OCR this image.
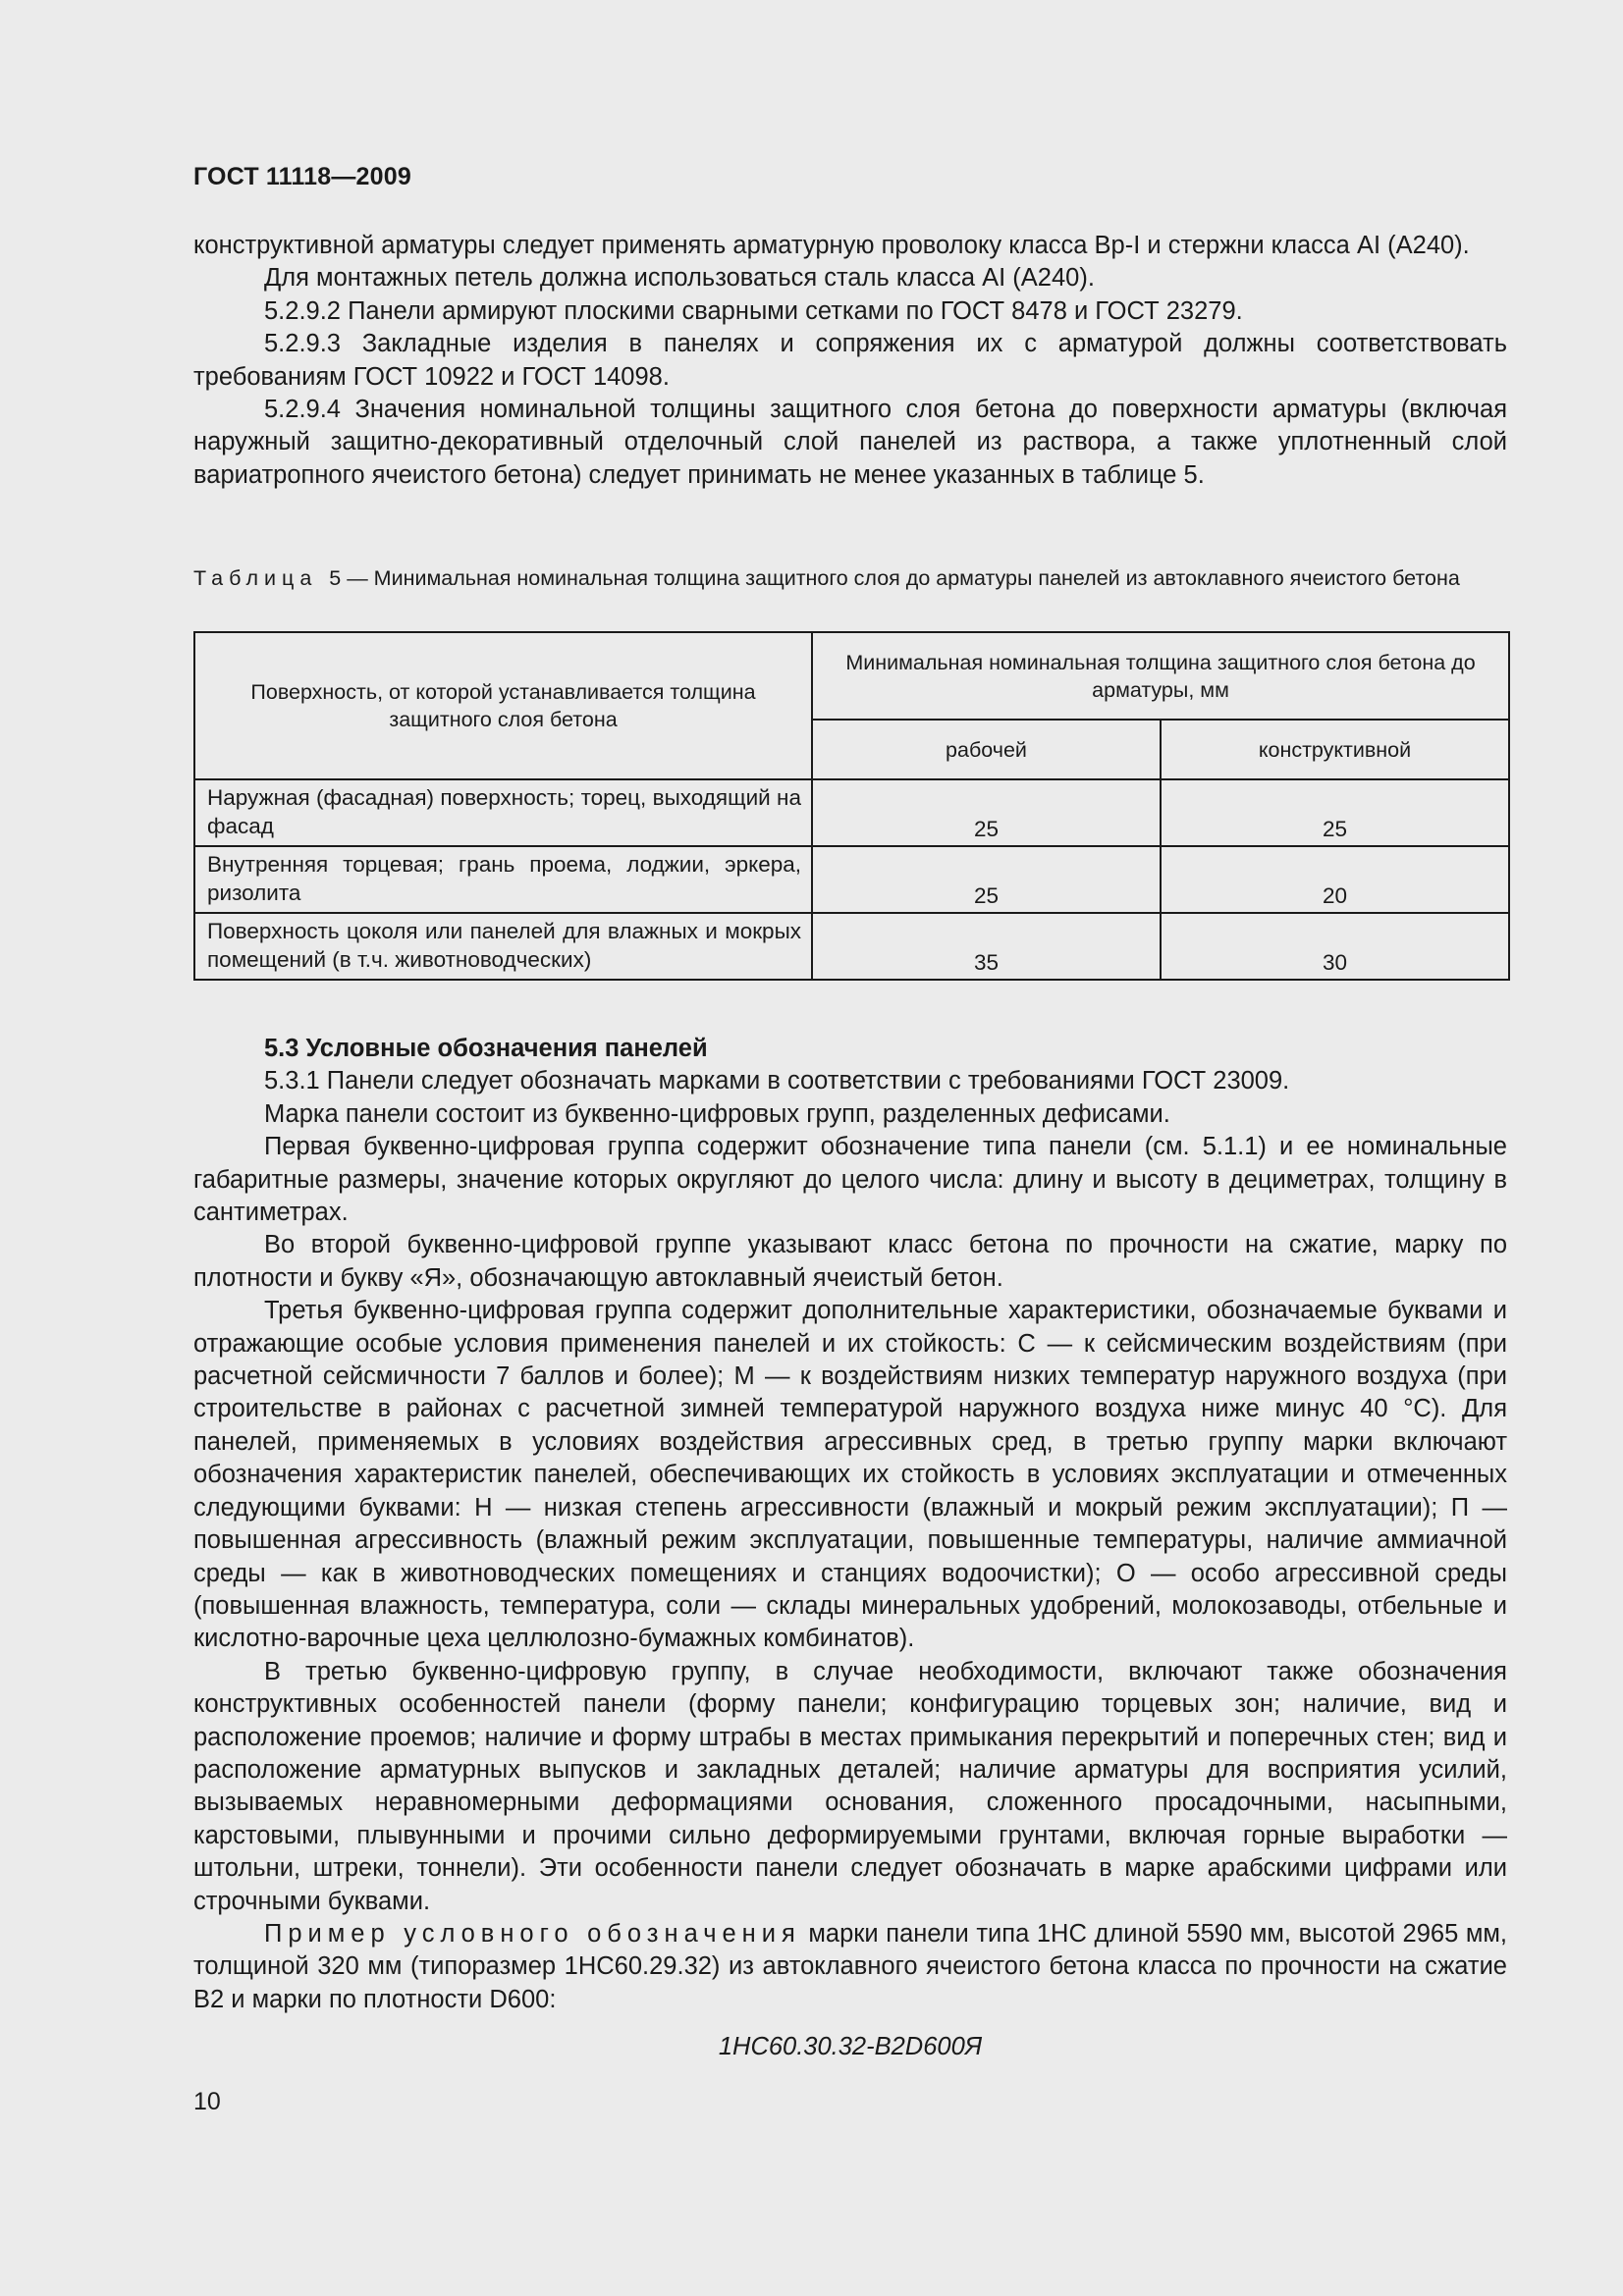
ГОСТ 11118—2009

конструктивной арматуры следует применять арматурную проволоку класса Вр-I и стержни класса АI (А240).

Для монтажных петель должна использоваться сталь класса АI (А240).

5.2.9.2 Панели армируют плоскими сварными сетками по ГОСТ 8478 и ГОСТ 23279.

5.2.9.3 Закладные изделия в панелях и сопряжения их с арматурой должны соответствовать требованиям ГОСТ 10922 и ГОСТ 14098.

5.2.9.4 Значения номинальной толщины защитного слоя бетона до поверхности арматуры (включая наружный защитно-декоративный отделочный слой панелей из раствора, а также уплотненный слой вариатропного ячеистого бетона) следует принимать не менее указанных в таблице 5.

Таблица 5 — Минимальная номинальная толщина защитного слоя до арматуры панелей из автоклавного ячеистого бетона
Поверхность, от которой устанавливается толщина защитного слоя бетона	Минимальная номинальная толщина защитного слоя бетона до арматуры, мм	
	рабочей	конструктивной
Наружная (фасадная) поверхность; торец, выходящий на фасад	25	25
Внутренняя торцевая; грань проема, лоджии, эркера, ризолита	25	20
Поверхность цоколя или панелей для влажных и мокрых помещений (в т.ч. животноводческих)	35	30

5.3 Условные обозначения панелей

5.3.1 Панели следует обозначать марками в соответствии с требованиями ГОСТ 23009.

Марка панели состоит из буквенно-цифровых групп, разделенных дефисами.

Первая буквенно-цифровая группа содержит обозначение типа панели (см. 5.1.1) и ее номинальные габаритные размеры, значение которых округляют до целого числа: длину и высоту в дециметрах, толщину в сантиметрах.

Во второй буквенно-цифровой группе указывают класс бетона по прочности на сжатие, марку по плотности и букву «Я», обозначающую автоклавный ячеистый бетон.

Третья буквенно-цифровая группа содержит дополнительные характеристики, обозначаемые буквами и отражающие особые условия применения панелей и их стойкость: С — к сейсмическим воздействиям (при расчетной сейсмичности 7 баллов и более); М — к воздействиям низких температур наружного воздуха (при строительстве в районах с расчетной зимней температурой наружного воздуха ниже минус 40 °С). Для панелей, применяемых в условиях воздействия агрессивных сред, в третью группу марки включают обозначения характеристик панелей, обеспечивающих их стойкость в условиях эксплуатации и отмеченных следующими буквами: Н — низкая степень агрессивности (влажный и мокрый режим эксплуатации); П — повышенная агрессивность (влажный режим эксплуатации, повышенные температуры, наличие аммиачной среды — как в животноводческих помещениях и станциях водоочистки); О — особо агрессивной среды (повышенная влажность, температура, соли — склады минеральных удобрений, молокозаводы, отбельные и кислотно-варочные цеха целлюлозно-бумажных комбинатов).

В третью буквенно-цифровую группу, в случае необходимости, включают также обозначения конструктивных особенностей панели (форму панели; конфигурацию торцевых зон; наличие, вид и расположение проемов; наличие и форму штрабы в местах примыкания перекрытий и поперечных стен; вид и расположение арматурных выпусков и закладных деталей; наличие арматуры для восприятия усилий, вызываемых неравномерными деформациями основания, сложенного просадочными, насыпными, карстовыми, плывунными и прочими сильно деформируемыми грунтами, включая горные выработки — штольни, штреки, тоннели). Эти особенности панели следует обозначать в марке арабскими цифрами или строчными буквами.

Пример условного обозначения марки панели типа 1НС длиной 5590 мм, высотой 2965 мм, толщиной 320 мм (типоразмер 1НС60.29.32) из автоклавного ячеистого бетона класса по прочности на сжатие В2 и марки по плотности D600:

1НС60.30.32-В2D600Я
10
